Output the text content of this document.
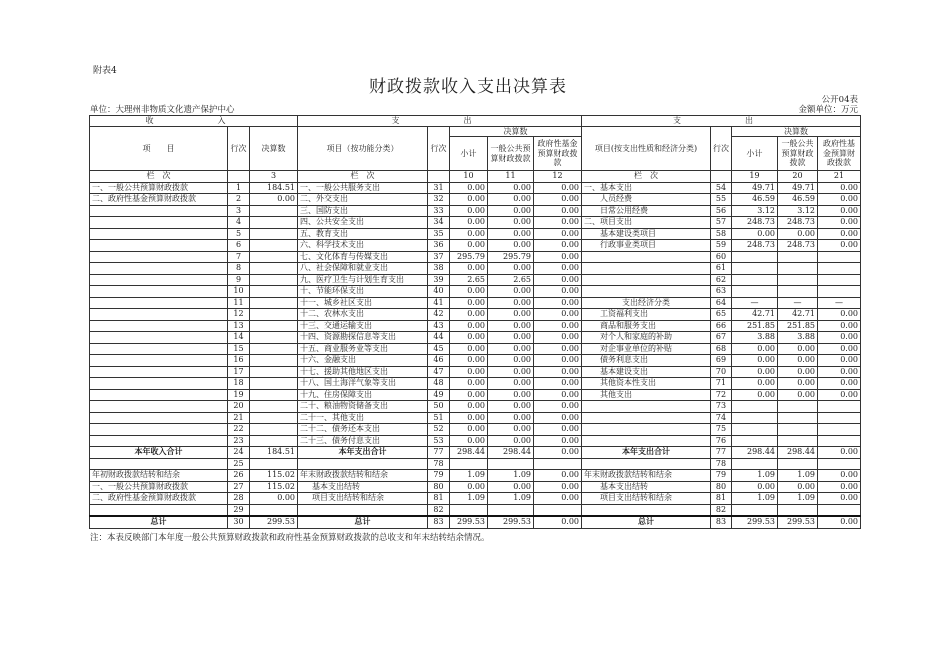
附表4
财政拨款收入支出决算表
公开04表
单位：大理州非物质文化遗产保护中心	金额单位：万元
收　　入			支　　出					支　　出				
项　　目	行次	决算数	项目（按功能分类）	行次	决算数			项目(按支出性质和经济分类)	行次	决算数		
					小计	一般公共预算财政拨款	政府性基金预算财政拨款			小计	一般公共预算财政拨款	政府性基金预算财政拨款
栏　次		3	栏　次		10	11	12	栏　次		19	20	21
一、一般公共预算财政拨款	1	184.51	一、一般公共服务支出	31	0.00	0.00	0.00	一、基本支出	54	49.71	49.71	0.00
二、政府性基金预算财政拨款	2	0.00	二、外交支出	32	0.00	0.00	0.00	人员经费	55	46.59	46.59	0.00
	3		三、国防支出	33	0.00	0.00	0.00	日常公用经费	56	3.12	3.12	0.00
	4		四、公共安全支出	34	0.00	0.00	0.00	二、项目支出	57	248.73	248.73	0.00
	5		五、教育支出	35	0.00	0.00	0.00	基本建设类项目	58	0.00	0.00	0.00
	6		六、科学技术支出	36	0.00	0.00	0.00	行政事业类项目	59	248.73	248.73	0.00
	7		七、文化体育与传媒支出	37	295.79	295.79	0.00		60			
	8		八、社会保障和就业支出	38	0.00	0.00	0.00		61			
	9		九、医疗卫生与计划生育支出	39	2.65	2.65	0.00		62			
	10		十、节能环保支出	40	0.00	0.00	0.00		63			
	11		十一、城乡社区支出	41	0.00	0.00	0.00	支出经济分类	64	—	—	—
	12		十二、农林水支出	42	0.00	0.00	0.00	工资福利支出	65	42.71	42.71	0.00
	13		十三、交通运输支出	43	0.00	0.00	0.00	商品和服务支出	66	251.85	251.85	0.00
	14		十四、资源勘探信息等支出	44	0.00	0.00	0.00	对个人和家庭的补助	67	3.88	3.88	0.00
	15		十五、商业服务业等支出	45	0.00	0.00	0.00	对企事业单位的补贴	68	0.00	0.00	0.00
	16		十六、金融支出	46	0.00	0.00	0.00	债务利息支出	69	0.00	0.00	0.00
	17		十七、援助其他地区支出	47	0.00	0.00	0.00	基本建设支出	70	0.00	0.00	0.00
	18		十八、国土海洋气象等支出	48	0.00	0.00	0.00	其他资本性支出	71	0.00	0.00	0.00
	19		十九、住房保障支出	49	0.00	0.00	0.00	其他支出	72	0.00	0.00	0.00
	20		二十、粮油物资储备支出	50	0.00	0.00	0.00		73			
	21		二十一、其他支出	51	0.00	0.00	0.00		74			
	22		二十二、债务还本支出	52	0.00	0.00	0.00		75			
	23		二十三、债务付息支出	53	0.00	0.00	0.00		76			
本年收入合计	24	184.51	本年支出合计	77	298.44	298.44	0.00	本年支出合计	77	298.44	298.44	0.00
	25			78					78			
年初财政拨款结转和结余	26	115.02	年末财政拨款结转和结余	79	1.09	1.09	0.00	年末财政拨款结转和结余	79	1.09	1.09	0.00
一、一般公共预算财政拨款	27	115.02	基本支出结转	80	0.00	0.00	0.00	基本支出结转	80	0.00	0.00	0.00
二、政府性基金预算财政拨款	28	0.00	项目支出结转和结余	81	1.09	1.09	0.00	项目支出结转和结余	81	1.09	1.09	0.00
	29			82					82			
总计	30	299.53	总计	83	299.53	299.53	0.00	总计	83	299.53	299.53	0.00
注：本表反映部门本年度一般公共预算财政拨款和政府性基金预算财政拨款的总收支和年末结转结余情况。
